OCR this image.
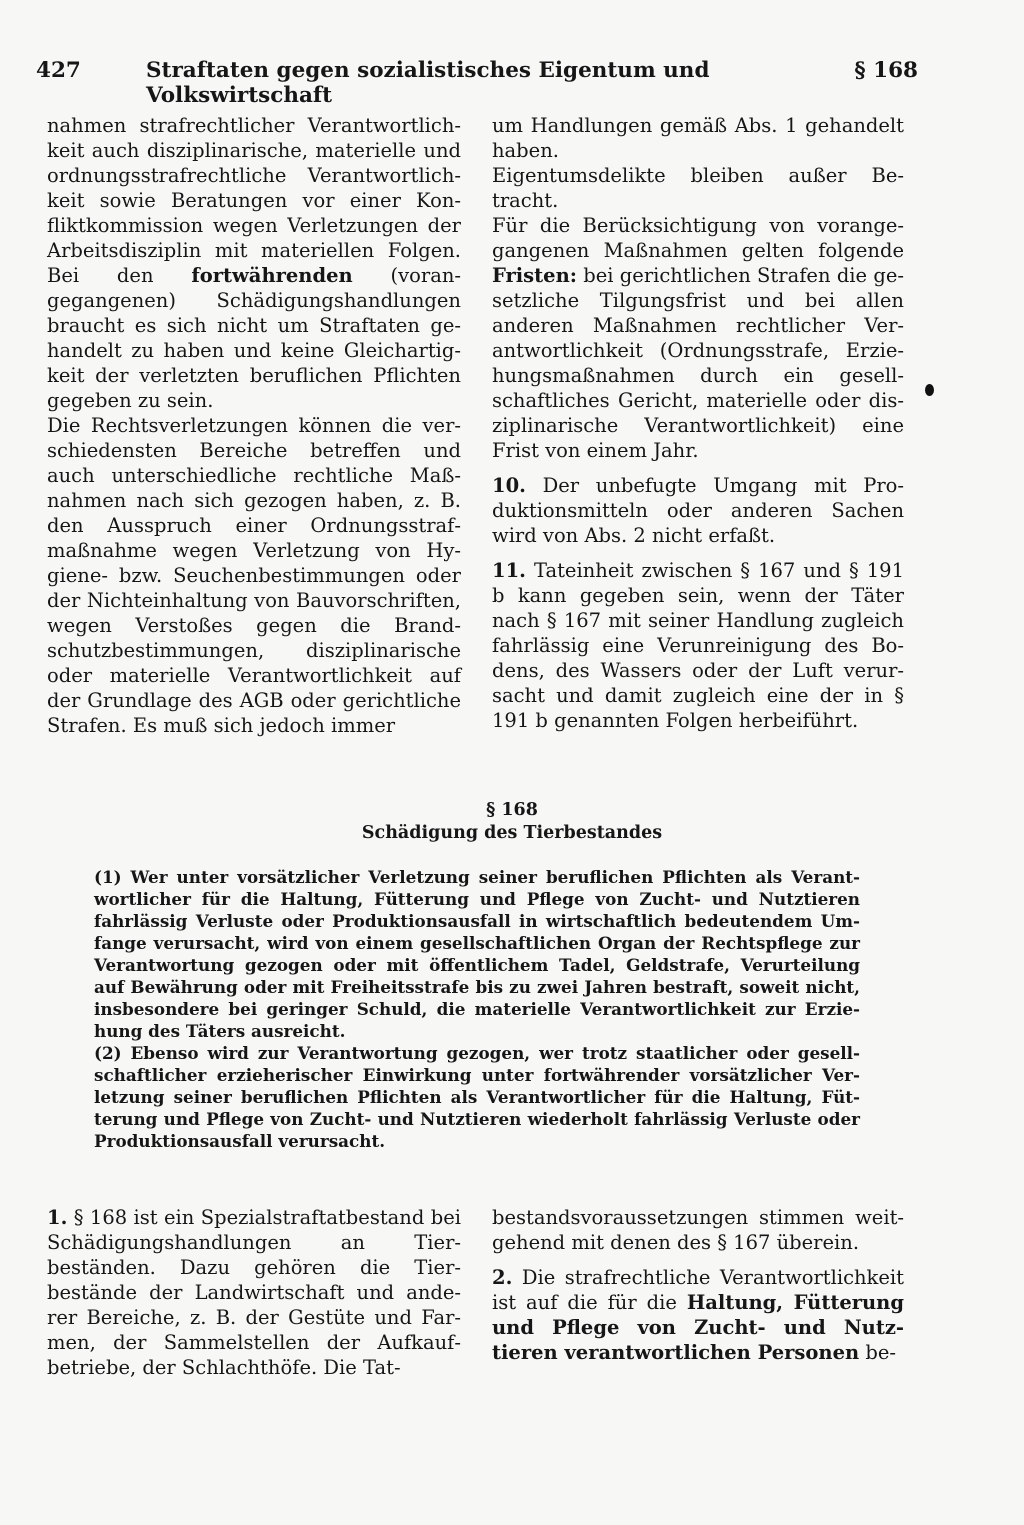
427	Straftaten gegen sozialistisches Eigentum und Volkswirtschaft
§ 168

nahmen strafrechtlicher Verantwortlichkeit auch disziplinarische, materielle und ordnungsstrafrechtliche Verantwortlichkeit sowie Beratungen vor einer Konfliktkommission wegen Verletzungen der Arbeitsdisziplin mit materiellen Folgen. Bei den fortwährenden (vorangegangenen) Schädigungshandlungen braucht es sich nicht um Straftaten gehandelt zu haben und keine Gleichartigkeit der verletzten beruflichen Pflichten gegeben zu sein.

Die Rechtsverletzungen können die verschiedensten Bereiche betreffen und auch unterschiedliche rechtliche Maßnahmen nach sich gezogen haben, z. B. den Ausspruch einer Ordnungsstrafmaßnahme wegen Verletzung von Hygiene- bzw. Seuchenbestimmungen oder der Nichteinhaltung von Bauvorschriften, wegen Verstoßes gegen die Brandschutzbestimmungen, disziplinarische oder materielle Verantwortlichkeit auf der Grundlage des AGB oder gerichtliche Strafen. Es muß sich jedoch immer

um Handlungen gemäß Abs. 1 gehandelt haben.

Eigentumsdelikte bleiben außer Betracht.

Für die Berücksichtigung von vorangegangenen Maßnahmen gelten folgende Fristen: bei gerichtlichen Strafen die gesetzliche Tilgungsfrist und bei allen anderen Maßnahmen rechtlicher Verantwortlichkeit (Ordnungsstrafe, Erziehungsmaßnahmen durch ein gesellschaftliches Gericht, materielle oder disziplinarische Verantwortlichkeit) eine Frist von einem Jahr.

10. Der unbefugte Umgang mit Produktionsmitteln oder anderen Sachen wird von Abs. 2 nicht erfaßt.

11. Tateinheit zwischen § 167 und § 191 b kann gegeben sein, wenn der Täter nach § 167 mit seiner Handlung zugleich fahrlässig eine Verunreinigung des Bodens, des Wassers oder der Luft verursacht und damit zugleich eine der in § 191 b genannten Folgen herbeiführt.

§ 168
Schädigung des Tierbestandes

(1) Wer unter vorsätzlicher Verletzung seiner beruflichen Pflichten als Verantwortlicher für die Haltung, Fütterung und Pflege von Zucht- und Nutztieren fahrlässig Verluste oder Produktionsausfall in wirtschaftlich bedeutendem Umfange verursacht, wird von einem gesellschaftlichen Organ der Rechtspflege zur Verantwortung gezogen oder mit öffentlichem Tadel, Geldstrafe, Verurteilung auf Bewährung oder mit Freiheitsstrafe bis zu zwei Jahren bestraft, soweit nicht, insbesondere bei geringer Schuld, die materielle Verantwortlichkeit zur Erziehung des Täters ausreicht.

(2) Ebenso wird zur Verantwortung gezogen, wer trotz staatlicher oder gesellschaftlicher erzieherischer Einwirkung unter fortwährender vorsätzlicher Verletzung seiner beruflichen Pflichten als Verantwortlicher für die Haltung, Fütterung und Pflege von Zucht- und Nutztieren wiederholt fahrlässig Verluste oder Produktionsausfall verursacht.

1. § 168 ist ein Spezialstraftatbestand bei Schädigungshandlungen an Tierbeständen. Dazu gehören die Tierbestände der Landwirtschaft und anderer Bereiche, z. B. der Gestüte und Farmen, der Sammelstellen der Aufkaufbetriebe, der Schlachthöfe. Die Tat-

bestandsvoraussetzungen stimmen weitgehend mit denen des § 167 überein.

2. Die strafrechtliche Verantwortlichkeit ist auf die für die Haltung, Fütterung und Pflege von Zucht- und Nutztieren verantwortlichen Personen be-
